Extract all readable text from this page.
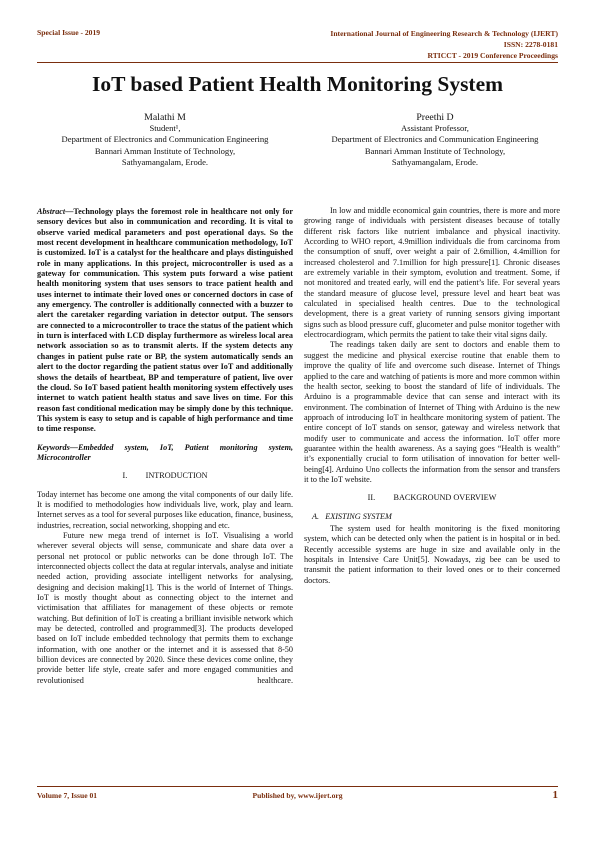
Special Issue - 2019	International Journal of Engineering Research & Technology (IJERT)
ISSN: 2278-0181
RTICCT - 2019 Conference Proceedings
IoT based Patient Health Monitoring System
Malathi M
Student¹,
Department of Electronics and Communication Engineering
Bannari Amman Institute of Technology,
Sathyamangalam, Erode.
Preethi D
Assistant Professor,
Department of Electronics and Communication Engineering
Bannari Amman Institute of Technology,
Sathyamangalam, Erode.

Abstract—Technology plays the foremost role in healthcare not only for sensory devices but also in communication and recording. It is vital to observe varied medical parameters and post operational days. So the most recent development in healthcare communication methodology, IoT is customized. IoT is a catalyst for the healthcare and plays distinguished role in many applications. In this project, microcontroller is used as a gateway for communication. This system puts forward a wise patient health monitoring system that uses sensors to trace patient health and uses internet to intimate their loved ones or concerned doctors in case of any emergency. The controller is additionally connected with a buzzer to alert the caretaker regarding variation in detector output. The sensors are connected to a microcontroller to trace the status of the patient which in turn is interfaced with LCD display furthermore as wireless local area network association so as to transmit alerts. If the system detects any changes in patient pulse rate or BP, the system automatically sends an alert to the doctor regarding the patient status over IoT and additionally shows the details of heartbeat, BP and temperature of patient, live over the cloud. So IoT based patient health monitoring system effectively uses internet to watch patient health status and save lives on time. For this reason fast conditional medication may be simply done by this technique. This system is easy to setup and is capable of high performance and time to time response.

Keywords—Embedded system, IoT, Patient monitoring system, Microcontroller

I.         INTRODUCTION

Today internet has become one among the vital components of our daily life. It is modified to methodologies how individuals live, work, play and learn. Internet serves as a tool for several purposes like education, finance, business, industries, recreation, social networking, shopping and etc.

Future new mega trend of internet is IoT. Visualising a world wherever several objects will sense, communicate and share data over a personal net protocol or public networks can be done through IoT. The interconnected objects collect the data at regular intervals, analyse and initiate needed action, providing associate intelligent networks for analysing, designing and decision making[1]. This is the world of Internet of Things. IoT is mostly thought about as connecting object to the internet and victimisation that affiliates for management of these objects or remote watching. But definition of IoT is creating a brilliant invisible network which may be detected, controlled and programmed[3]. The products developed based on IoT include embedded technology that permits them to exchange information, with one another or the internet and it is assessed that 8-50 billion devices are connected by 2020. Since these devices come online, they provide better life style, create safer and more engaged communities and revolutionised healthcare.

In low and middle economical gain countries, there is more and more growing range of individuals with persistent diseases because of totally different risk factors like nutrient imbalance and physical inactivity. According to WHO report, 4.9million individuals die from carcinoma from the consumption of snuff, over weight a pair of 2.6million, 4.4million for increased cholesterol and 7.1million for high pressure[1]. Chronic diseases are extremely variable in their symptom, evolution and treatment. Some, if not monitored and treated early, will end the patient’s life. For several years the standard measure of glucose level, pressure level and heart beat was calculated in specialised health centres. Due to the technological development, there is a great variety of running sensors giving important signs such as blood pressure cuff, glucometer and pulse monitor together with electrocardiogram, which permits the patient to take their vital signs daily.

The readings taken daily are sent to doctors and enable them to suggest the medicine and physical exercise routine that enable them to improve the quality of life and overcome such disease. Internet of Things applied to the care and watching of patients is more and more common within the health sector, seeking to boost the standard of life of individuals. The Arduino is a programmable device that can sense and interact with its environment. The combination of Internet of Thing with Arduino is the new approach of introducing IoT in healthcare monitoring system of patient. The entire concept of IoT stands on sensor, gateway and wireless network that modify user to communicate and access the information. IoT offer more guarantee within the health awareness. As a saying goes “Health is wealth” it’s exponentially crucial to form utilisation of innovation for better well-being[4]. Arduino Uno collects the information from the sensor and transfers it to the IoT website.

II.         BACKGROUND OVERVIEW

A.   EXISTING SYSTEM

The system used for health monitoring is the fixed monitoring system, which can be detected only when the patient is in hospital or in bed. Recently accessible systems are huge in size and available only in the hospitals in Intensive Care Unit[5]. Nowadays, zig bee can be used to transmit the patient information to their loved ones or to their concerned doctors.

Volume 7, Issue 01	Published by, www.ijert.org	1
